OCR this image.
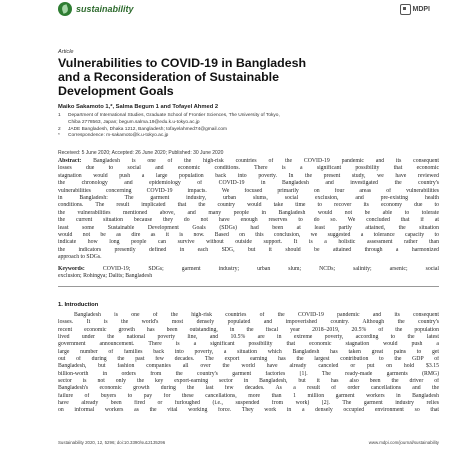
sustainability	MDPI
Article
Vulnerabilities to COVID-19 in Bangladesh
and a Reconsideration of Sustainable
Development Goals
Maiko Sakamoto 1,*, Salma Begum 1 and Tofayel Ahmed 2
1	Department of International Studies, Graduate School of Frontier Sciences, The University of Tokyo,
Chiba 2778563, Japan; begum.salma.19@edu.k.u-tokyo.ac.jp
2	JADE Bangladesh, Dhaka 1212, Bangladesh; tofayelahmed74@gmail.com
*	Correspondence: m-sakamoto@k.u-tokyo.ac.jp
Received: 5 June 2020; Accepted: 26 June 2020; Published: 30 June 2020
Abstract: Bangladesh is one of the high-risk countries of the COVID-19 pandemic and its consequent
losses due to social and economic conditions. There is a significant possibility that economic
stagnation would push a large population back into poverty. In the present study, we have reviewed
the chronology and epidemiology of COVID-19 in Bangladesh and investigated the country's
vulnerabilities concerning COVID-19 impacts. We focused primarily on four areas of vulnerabilities
in Bangladesh: The garment industry, urban slums, social exclusion, and pre-existing health
conditions. The result implicated that the country would take time to recover its economy due to
the vulnerabilities mentioned above, and many people in Bangladesh would not be able to tolerate
the current situation because they do not have enough reserves to do so. We concluded that if at
least some Sustainable Development Goals (SDGs) had been at least partly attained, the situation
would not be as dire as it is now. Based on this conclusion, we suggested a tolerance capacity to
indicate how long people can survive without outside support. It is a holistic assessment rather than
the indicators presently defined in each SDG, but it should be attained through a harmonized
approach to SDGs.
Keywords:	COVID-19; SDGs; garment industry; urban slum; NCDs; salinity; arsenic; social
exclusion; Rohingya; Dalits; Bangladesh
1. Introduction
Bangladesh is one of the high-risk countries of the COVID-19 pandemic and its consequent
losses. It is the world's most densely populated and impoverished country. Although the country's
recent economic growth has been outstanding, in the fiscal year 2018–2019, 20.5% of the population
lived under the national poverty line, and 10.5% are in extreme poverty, according to the latest
government announcement. There is a significant possibility that economic stagnation would push a
large number of families back into poverty, a situation which Bangladesh has taken great pains to get
out of during the past few decades. The export earning has the largest contribution to the GDP of
Bangladesh, but fashion companies all over the world have already canceled or put on hold $3.15
billion-worth in orders from the country's garment factories [1]. The ready-made garments (RMG)
sector is not only the key export-earning sector in Bangladesh, but it has also been the driver of
Bangladesh's economic growth during the last few decades. As a result of order cancellations and the
failure of buyers to pay for these cancellations, more than 1 million garment workers in Bangladesh
have already been fired or furloughed (i.e., suspended from work) [2]. The garment industry relies
on informal workers as the vital working force. They work in a densely occupied environment so that
Sustainability 2020, 12, 5296; doi:10.3390/su12135296	www.mdpi.com/journal/sustainability
